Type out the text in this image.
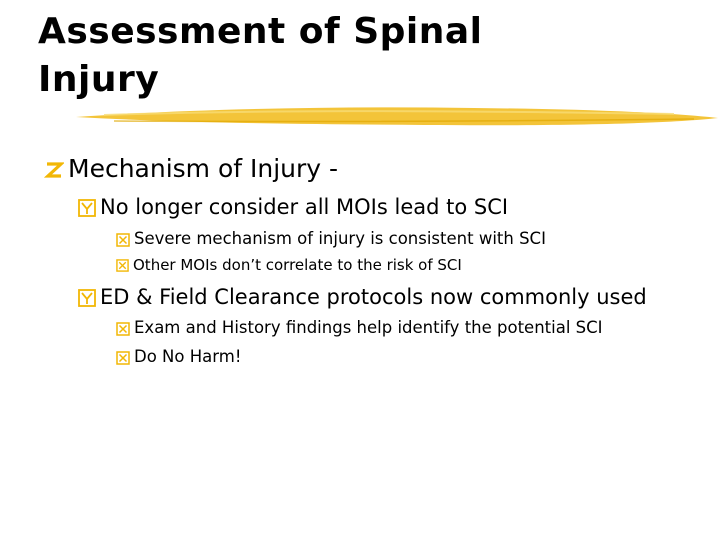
Assessment of Spinal
Injury
Mechanism of Injury -
No longer consider all MOIs lead to SCI
Severe mechanism of injury is consistent with SCI
Other MOIs don’t correlate to the risk of SCI
ED & Field Clearance protocols now commonly used
Exam and History findings help identify the potential SCI
Do No Harm!
